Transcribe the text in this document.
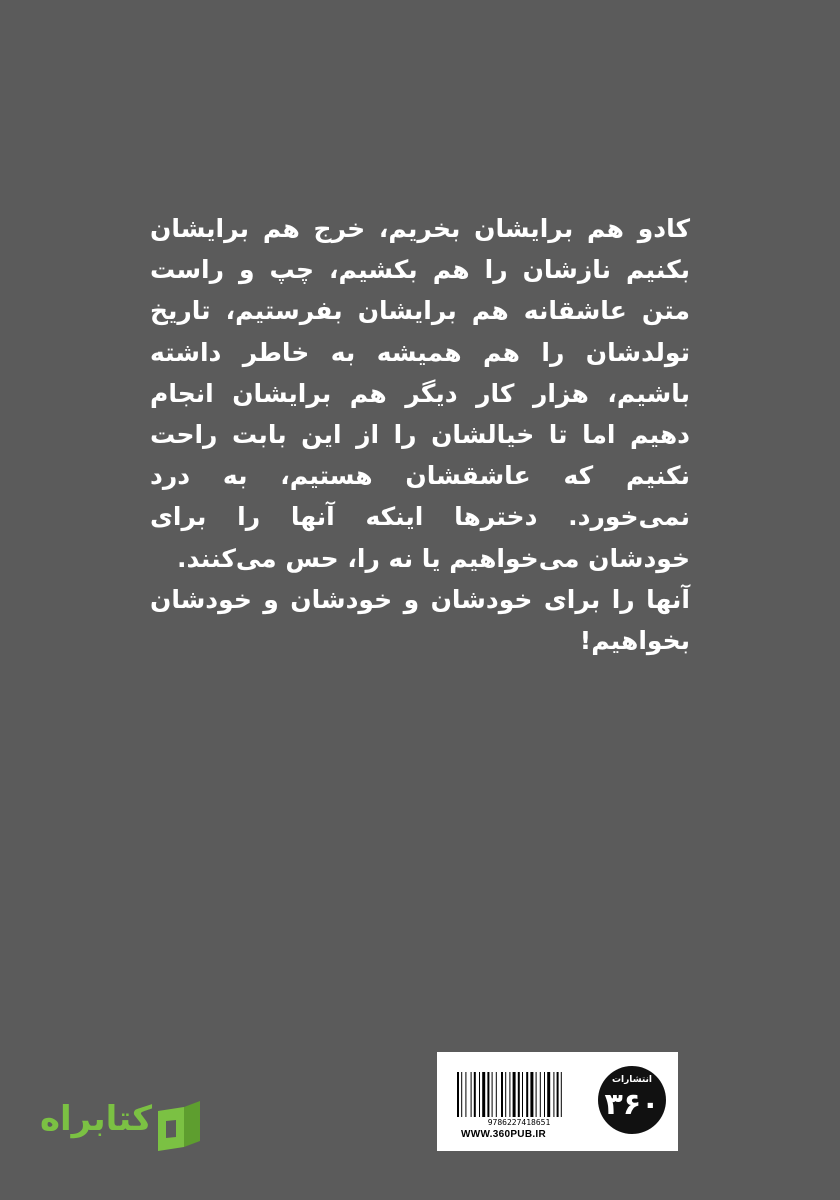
کادو هم برایشان بخریم، خرج هم برایشان بکنیم نازشان را هم بکشیم، چپ و راست متن عاشقانه هم برایشان بفرستیم، تاریخ تولدشان را هم همیشه به خاطر داشته باشیم، هزار کار دیگر هم برایشان انجام دهیم اما تا خیالشان را از این بابت راحت نکنیم که عاشقشان هستیم، به درد نمی‌خورد. دخترها اینکه آنها را برای خودشان می‌خواهیم یا نه را، حس می‌کنند.

آنها را برای خودشان و خودشان و خودشان بخواهیم!

9786227418651
WWW.360PUB.IR
۳۶۰
انتشارات
کتابراه
